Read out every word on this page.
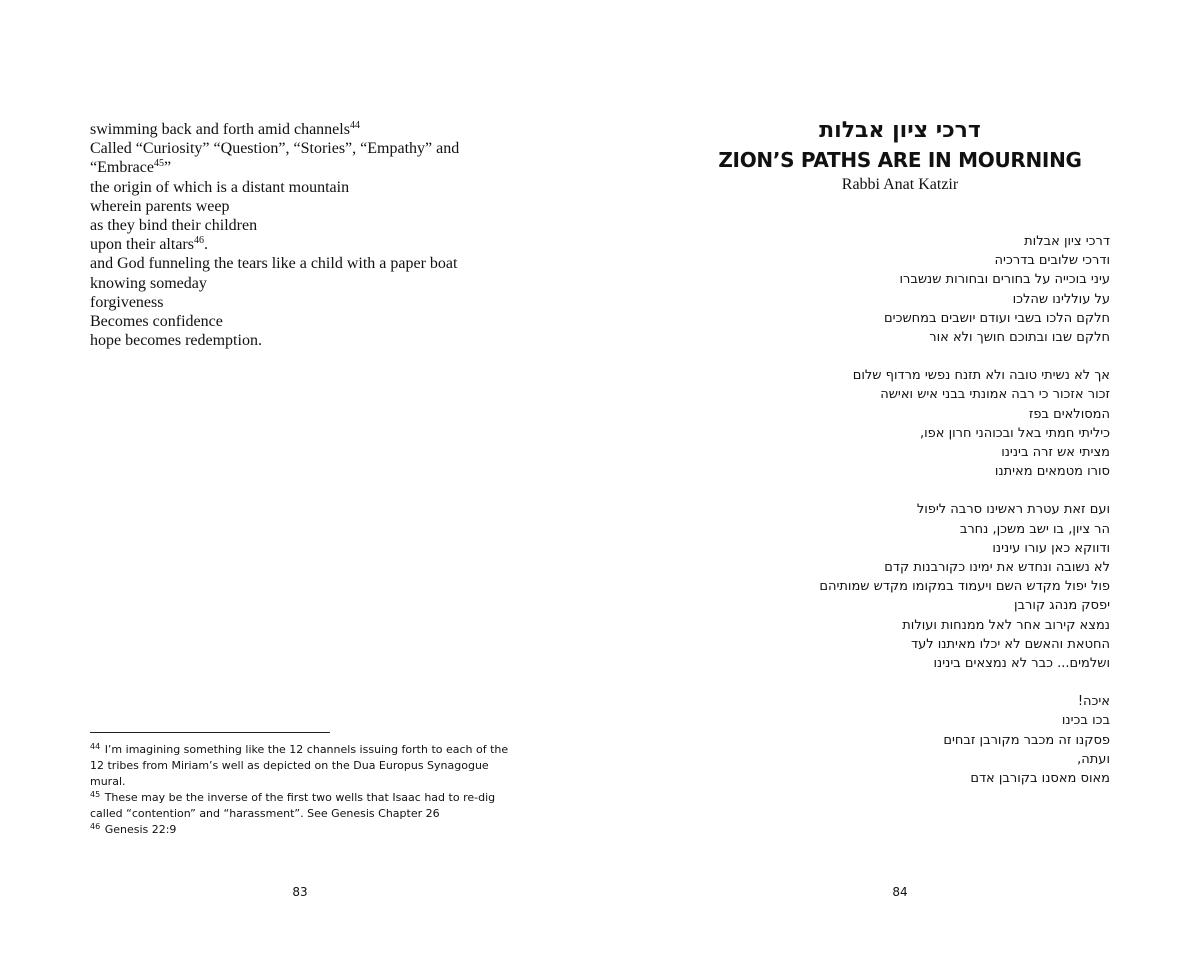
swimming back and forth amid channels$^{44}$
Called “Curiosity” “Question”, “Stories”, “Empathy” and
“Embrace$^{45}$”
the origin of which is a distant mountain
wherein parents weep
as they bind their children
upon their altars$^{46}$.
and God funneling the tears like a child with a paper boat
knowing someday
forgiveness
Becomes confidence
hope becomes redemption.
$^{44}$ I’m imagining something like the 12 channels issuing forth to each of the 12 tribes from Miriam’s well as depicted on the Dua Europus Synagogue mural.
$^{45}$ These may be the inverse of the first two wells that Isaac had to re-dig called “contention” and “harassment”. See Genesis Chapter 26
$^{46}$ Genesis 22:9
83
דרכי ציון אבלות
ZION’S PATHS ARE IN MOURNING
Rabbi Anat Katzir
דרכי ציון אבלות
ודרכי שלובים בדרכיה
עיני בוכייה על בחורים ובחורות שנשברו
על עוללינו שהלכו
חלקם הלכו בשבי ועודם יושבים במחשכים
חלקם שבו ובתוכם חושך ולא אור
אך לא נשיתי טובה ולא תזנח נפשי מרדוף שלום
זכור אזכור כי רבה אמונתי בבני איש ואישה
המסולאים בפז
כיליתי חמתי באל ובכוהני חרון אפו,
מציתי אש זרה בינינו
סורו מטמאים מאיתנו
ועם זאת עטרת ראשינו סרבה ליפול
הר ציון, בו ישב משכן, נחרב
ודווקא כאן עורו עינינו
לא נשובה ונחדש את ימינו כקורבנות קדם
פול יפול מקדש השם ויעמוד במקומו מקדש שמותיהם
יפסק מנהג קורבן
נמצא קירוב אחר לאל ממנחות ועולות
החטאת והאשם לא יכלו מאיתנו לעד
ושלמים... כבר לא נמצאים בינינו
איכה!
בכו בכינו
פסקנו זה מכבר מקורבן זבחים
ועתה,
מאוס מאסנו בקורבן אדם
84
